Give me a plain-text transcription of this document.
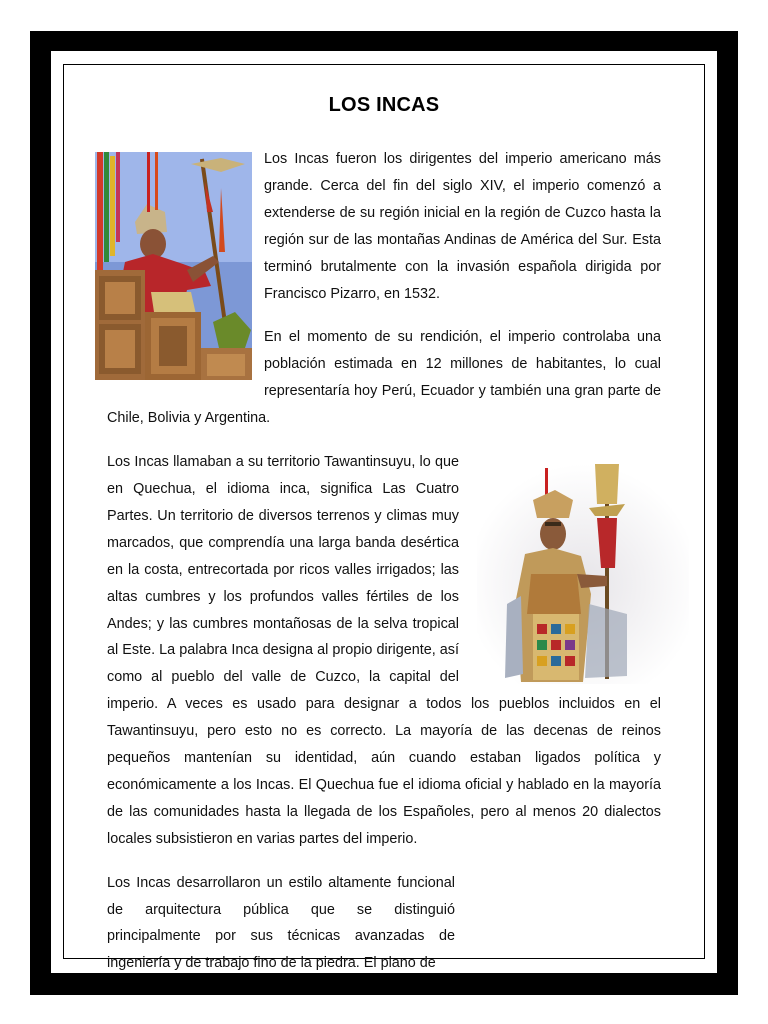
LOS INCAS

Los Incas fueron los dirigentes del imperio americano más grande. Cerca del fin del siglo XIV, el imperio comenzó a extenderse de su región inicial en la región de Cuzco hasta la región sur de las montañas Andinas de América del Sur. Esta terminó brutalmente con la invasión española dirigida por Francisco Pizarro, en 1532.

En el momento de su rendición, el imperio controlaba una población estimada en 12 millones de habitantes, lo cual representaría hoy Perú, Ecuador y también una gran parte de Chile, Bolivia y Argentina.

Los Incas llamaban a su territorio Tawantinsuyu, lo que en Quechua, el idioma inca, significa Las Cuatro Partes. Un territorio de diversos terrenos y climas muy marcados, que comprendía una larga banda desértica en la costa, entrecortada por ricos valles irrigados; las altas cumbres y los profundos valles fértiles de los Andes; y las cumbres montañosas de la selva tropical al Este. La palabra Inca designa al propio dirigente, así como al pueblo del valle de Cuzco, la capital del imperio. A veces es usado para designar a todos los pueblos incluidos en el Tawantinsuyu, pero esto no es correcto. La mayoría de las decenas de reinos pequeños mantenían su identidad, aún cuando estaban ligados política y económicamente a los Incas. El Quechua fue el idioma oficial y hablado en la mayoría de las comunidades hasta la llegada de los Españoles, pero al menos 20 dialectos locales subsistieron en varias partes del imperio.

Los Incas desarrollaron un estilo altamente funcional de arquitectura pública que se distinguió principalmente por sus técnicas avanzadas de ingeniería y de trabajo fino de la piedra. El plano de
